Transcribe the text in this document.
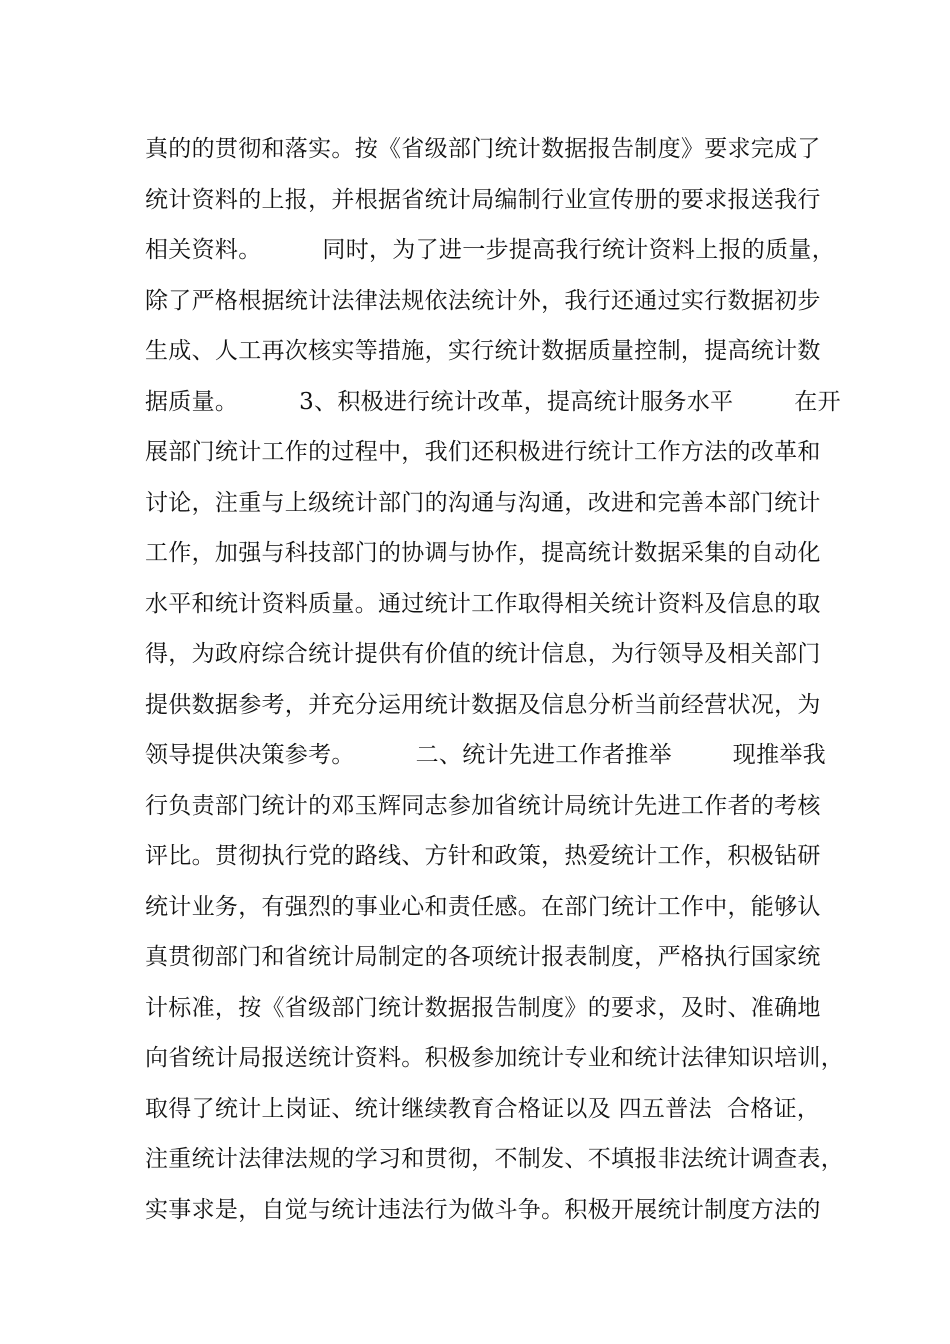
真的的贯彻和落实。按《省级部门统计数据报告制度》要求完成了
统计资料的上报，并根据省统计局编制行业宣传册的要求报送我行
相关资料。        同时，为了进一步提高我行统计资料上报的质量，
除了严格根据统计法律法规依法统计外，我行还通过实行数据初步
生成、人工再次核实等措施，实行统计数据质量控制，提高统计数
据质量。        3、积极进行统计改革，提高统计服务水平        在开
展部门统计工作的过程中，我们还积极进行统计工作方法的改革和
讨论，注重与上级统计部门的沟通与沟通，改进和完善本部门统计
工作，加强与科技部门的协调与协作，提高统计数据采集的自动化
水平和统计资料质量。通过统计工作取得相关统计资料及信息的取
得，为政府综合统计提供有价值的统计信息，为行领导及相关部门
提供数据参考，并充分运用统计数据及信息分析当前经营状况，为
领导提供决策参考。        二、统计先进工作者推举        现推举我
行负责部门统计的邓玉辉同志参加省统计局统计先进工作者的考核
评比。贯彻执行党的路线、方针和政策，热爱统计工作，积极钻研
统计业务，有强烈的事业心和责任感。在部门统计工作中，能够认
真贯彻部门和省统计局制定的各项统计报表制度，严格执行国家统
计标准，按《省级部门统计数据报告制度》的要求，及时、准确地
向省统计局报送统计资料。积极参加统计专业和统计法律知识培训，
取得了统计上岗证、统计继续教育合格证以及 四五普法  合格证，
注重统计法律法规的学习和贯彻，不制发、不填报非法统计调查表，
实事求是，自觉与统计违法行为做斗争。积极开展统计制度方法的
